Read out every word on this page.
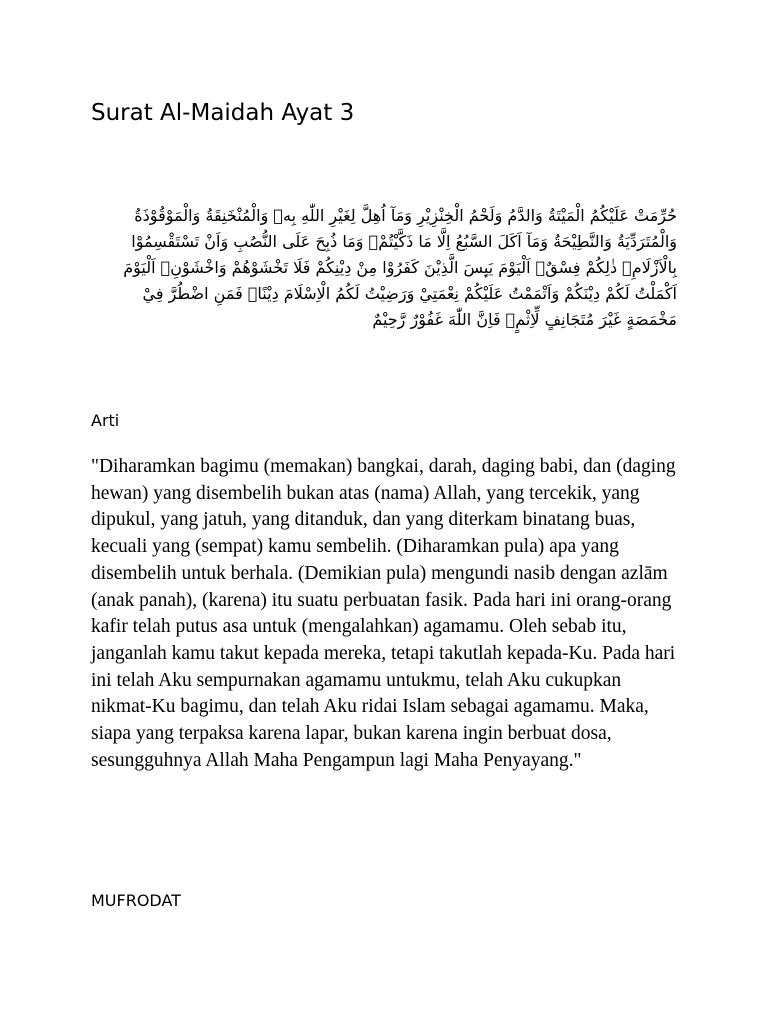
Surat Al-Maidah Ayat 3

حُرِّمَتْ عَلَيْكُمُ الْمَيْتَةُ وَالدَّمُ وَلَحْمُ الْخِنْزِيْرِ وَمَآ اُهِلَّ لِغَيْرِ اللّٰهِ بِهٖ وَالْمُنْخَنِقَةُ وَالْمَوْقُوْذَةُ وَالْمُتَرَدِّيَةُ وَالنَّطِيْحَةُ وَمَآ اَكَلَ السَّبُعُ اِلَّا مَا ذَكَّيْتُمْۗ وَمَا ذُبِحَ عَلَى النُّصُبِ وَاَنْ تَسْتَقْسِمُوْا بِالْاَزْلَامِۗ ذٰلِكُمْ فِسْقٌۗ اَلْيَوْمَ يَىِٕسَ الَّذِيْنَ كَفَرُوْا مِنْ دِيْنِكُمْ فَلَا تَخْشَوْهُمْ وَاخْشَوْنِۗ اَلْيَوْمَ اَكْمَلْتُ لَكُمْ دِيْنَكُمْ وَاَتْمَمْتُ عَلَيْكُمْ نِعْمَتِيْ وَرَضِيْتُ لَكُمُ الْاِسْلَامَ دِيْنًاۗ فَمَنِ اضْطُرَّ فِيْ مَخْمَصَةٍ غَيْرَ مُتَجَانِفٍ لِّاِثْمٍۙ فَاِنَّ اللّٰهَ غَفُوْرٌ رَّحِيْمٌ

Arti

"Diharamkan bagimu (memakan) bangkai, darah, daging babi, dan (daging hewan) yang disembelih bukan atas (nama) Allah, yang tercekik, yang dipukul, yang jatuh, yang ditanduk, dan yang diterkam binatang buas, kecuali yang (sempat) kamu sembelih. (Diharamkan pula) apa yang disembelih untuk berhala. (Demikian pula) mengundi nasib dengan azlām (anak panah), (karena) itu suatu perbuatan fasik. Pada hari ini orang-orang kafir telah putus asa untuk (mengalahkan) agamamu. Oleh sebab itu, janganlah kamu takut kepada mereka, tetapi takutlah kepada-Ku. Pada hari ini telah Aku sempurnakan agamamu untukmu, telah Aku cukupkan nikmat-Ku bagimu, dan telah Aku ridai Islam sebagai agamamu. Maka, siapa yang terpaksa karena lapar, bukan karena ingin berbuat dosa, sesungguhnya Allah Maha Pengampun lagi Maha Penyayang."

MUFRODAT
